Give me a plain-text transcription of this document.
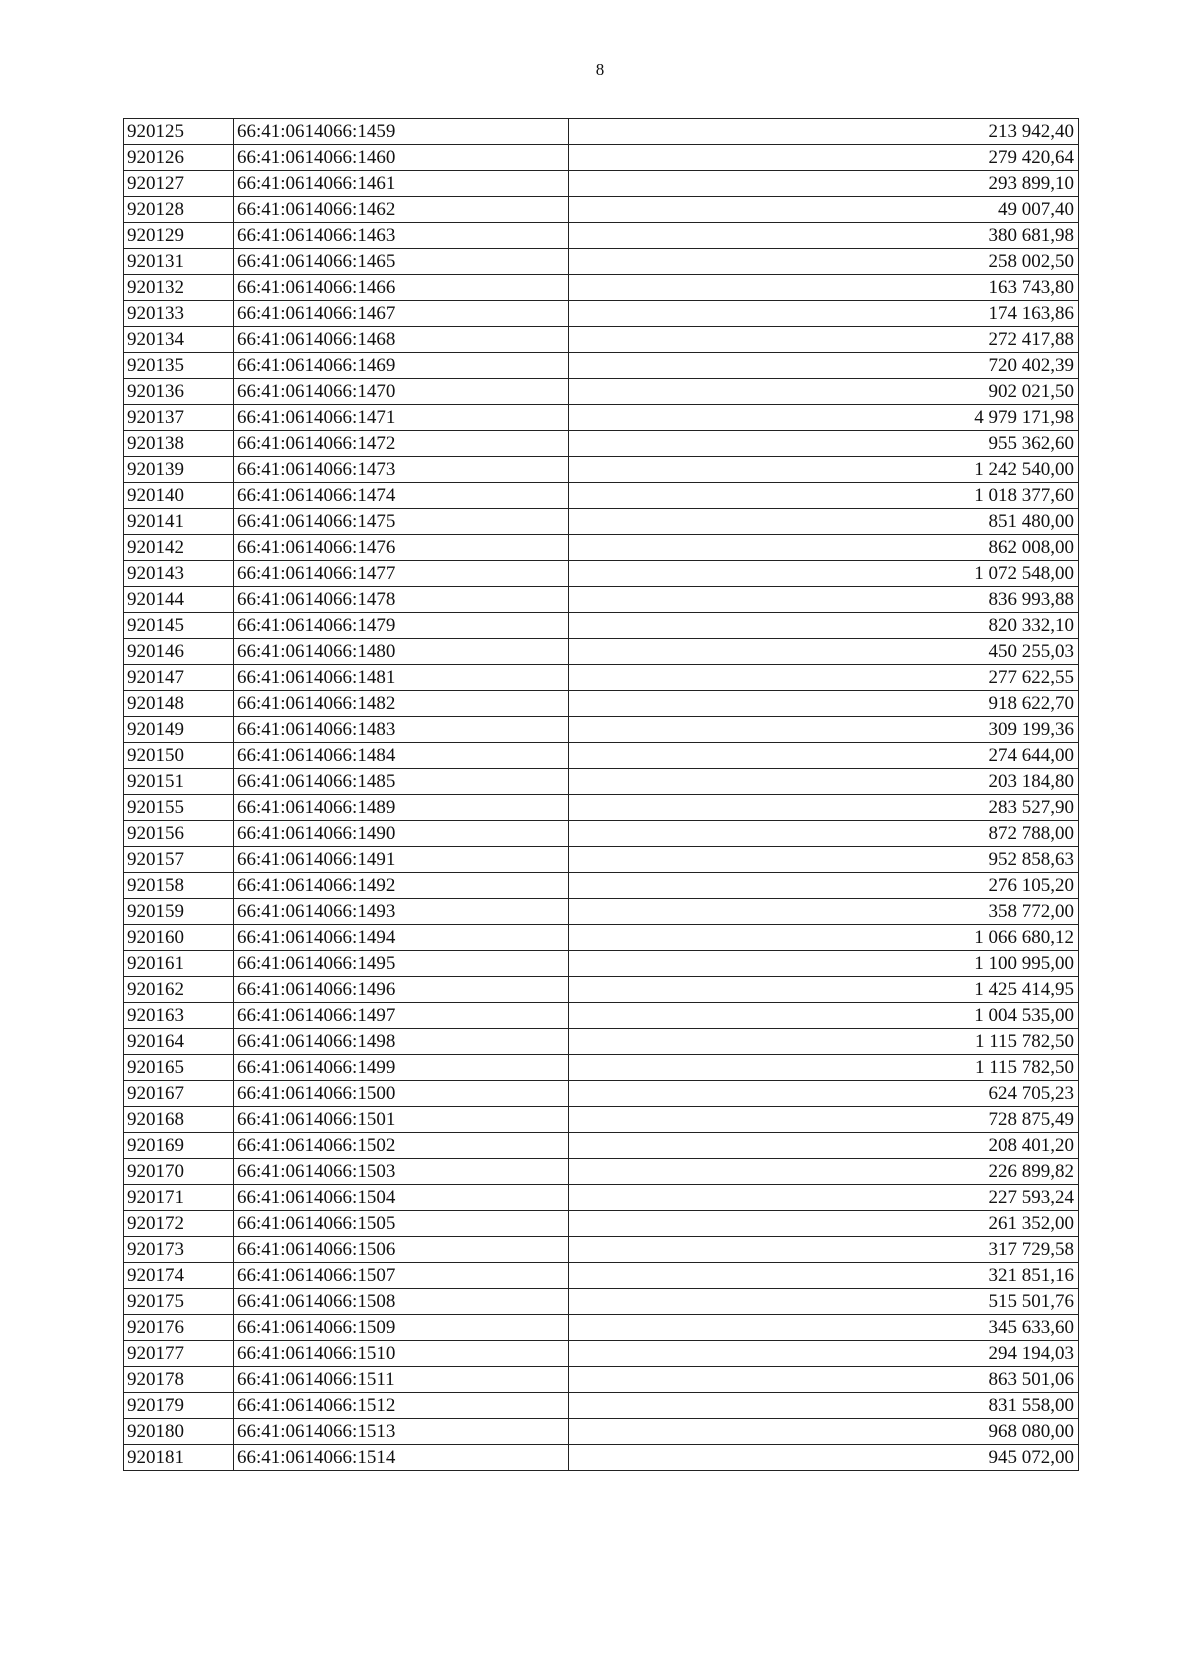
8
920125	66:41:0614066:1459	213 942,40
920126	66:41:0614066:1460	279 420,64
920127	66:41:0614066:1461	293 899,10
920128	66:41:0614066:1462	49 007,40
920129	66:41:0614066:1463	380 681,98
920131	66:41:0614066:1465	258 002,50
920132	66:41:0614066:1466	163 743,80
920133	66:41:0614066:1467	174 163,86
920134	66:41:0614066:1468	272 417,88
920135	66:41:0614066:1469	720 402,39
920136	66:41:0614066:1470	902 021,50
920137	66:41:0614066:1471	4 979 171,98
920138	66:41:0614066:1472	955 362,60
920139	66:41:0614066:1473	1 242 540,00
920140	66:41:0614066:1474	1 018 377,60
920141	66:41:0614066:1475	851 480,00
920142	66:41:0614066:1476	862 008,00
920143	66:41:0614066:1477	1 072 548,00
920144	66:41:0614066:1478	836 993,88
920145	66:41:0614066:1479	820 332,10
920146	66:41:0614066:1480	450 255,03
920147	66:41:0614066:1481	277 622,55
920148	66:41:0614066:1482	918 622,70
920149	66:41:0614066:1483	309 199,36
920150	66:41:0614066:1484	274 644,00
920151	66:41:0614066:1485	203 184,80
920155	66:41:0614066:1489	283 527,90
920156	66:41:0614066:1490	872 788,00
920157	66:41:0614066:1491	952 858,63
920158	66:41:0614066:1492	276 105,20
920159	66:41:0614066:1493	358 772,00
920160	66:41:0614066:1494	1 066 680,12
920161	66:41:0614066:1495	1 100 995,00
920162	66:41:0614066:1496	1 425 414,95
920163	66:41:0614066:1497	1 004 535,00
920164	66:41:0614066:1498	1 115 782,50
920165	66:41:0614066:1499	1 115 782,50
920167	66:41:0614066:1500	624 705,23
920168	66:41:0614066:1501	728 875,49
920169	66:41:0614066:1502	208 401,20
920170	66:41:0614066:1503	226 899,82
920171	66:41:0614066:1504	227 593,24
920172	66:41:0614066:1505	261 352,00
920173	66:41:0614066:1506	317 729,58
920174	66:41:0614066:1507	321 851,16
920175	66:41:0614066:1508	515 501,76
920176	66:41:0614066:1509	345 633,60
920177	66:41:0614066:1510	294 194,03
920178	66:41:0614066:1511	863 501,06
920179	66:41:0614066:1512	831 558,00
920180	66:41:0614066:1513	968 080,00
920181	66:41:0614066:1514	945 072,00
